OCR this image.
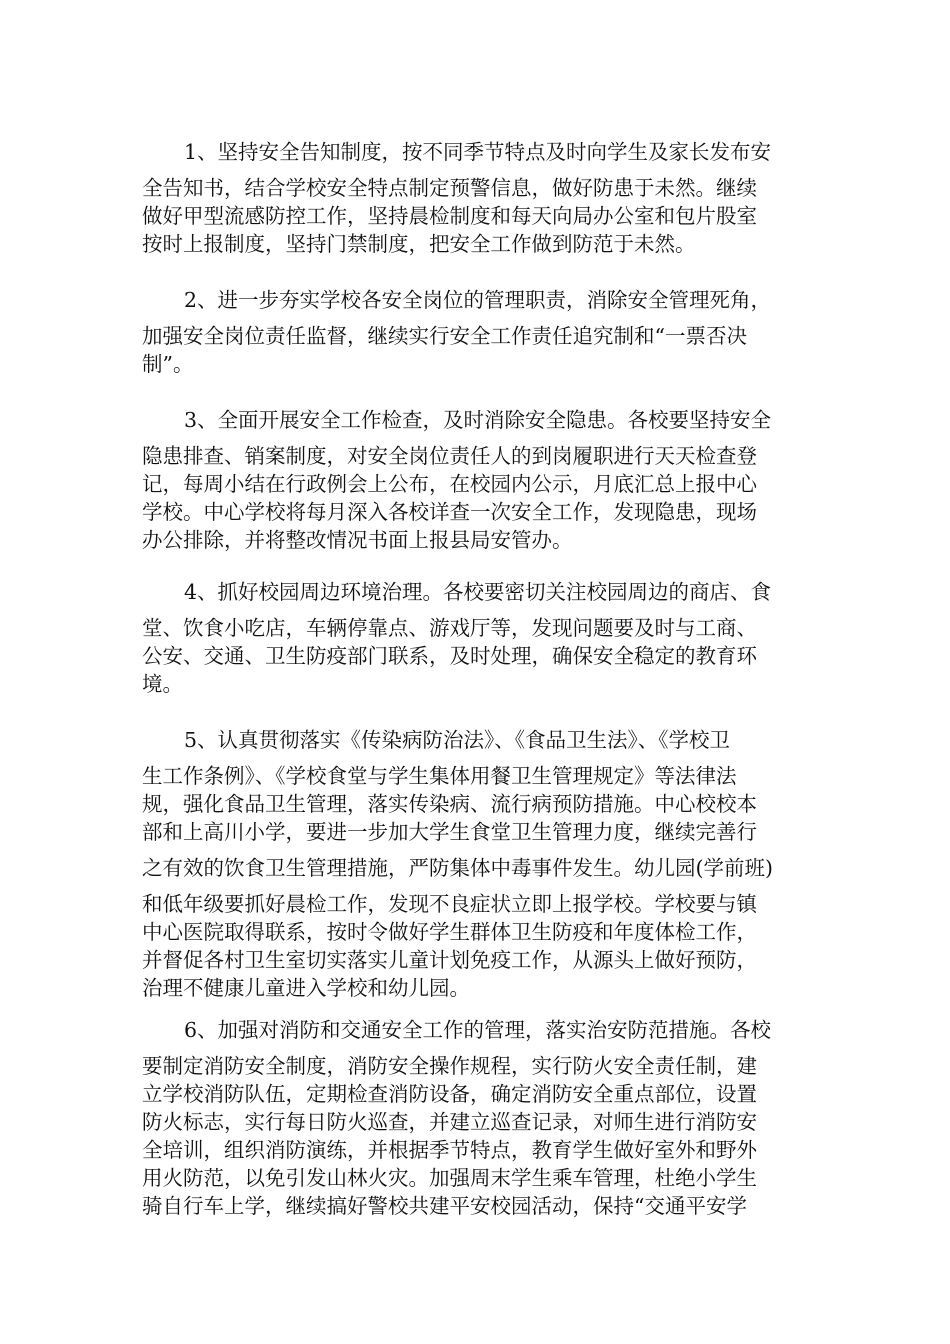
1、坚持安全告知制度，按不同季节特点及时向学生及家长发布安
全告知书，结合学校安全特点制定预警信息，做好防患于未然。继续
做好甲型流感防控工作，坚持晨检制度和每天向局办公室和包片股室
按时上报制度，坚持门禁制度，把安全工作做到防范于未然。

2、进一步夯实学校各安全岗位的管理职责，消除安全管理死角，
加强安全岗位责任监督，继续实行安全工作责任追究制和“一票否决
制”。

3、全面开展安全工作检查，及时消除安全隐患。各校要坚持安全
隐患排查、销案制度，对安全岗位责任人的到岗履职进行天天检查登
记，每周小结在行政例会上公布，在校园内公示，月底汇总上报中心
学校。中心学校将每月深入各校详查一次安全工作，发现隐患，现场
办公排除，并将整改情况书面上报县局安管办。

4、抓好校园周边环境治理。各校要密切关注校园周边的商店、食
堂、饮食小吃店，车辆停靠点、游戏厅等，发现问题要及时与工商、
公安、交通、卫生防疫部门联系，及时处理，确保安全稳定的教育环
境。

5、认真贯彻落实《传染病防治法》、《食品卫生法》、《学校卫
生工作条例》、《学校食堂与学生集体用餐卫生管理规定》等法律法
规，强化食品卫生管理，落实传染病、流行病预防措施。中心校校本
部和上高川小学，要进一步加大学生食堂卫生管理力度，继续完善行
之有效的饮食卫生管理措施，严防集体中毒事件发生。幼儿园(学前班)
和低年级要抓好晨检工作，发现不良症状立即上报学校。学校要与镇
中心医院取得联系，按时令做好学生群体卫生防疫和年度体检工作，
并督促各村卫生室切实落实儿童计划免疫工作，从源头上做好预防，
治理不健康儿童进入学校和幼儿园。

6、加强对消防和交通安全工作的管理，落实治安防范措施。各校
要制定消防安全制度，消防安全操作规程，实行防火安全责任制，建
立学校消防队伍，定期检查消防设备，确定消防安全重点部位，设置
防火标志，实行每日防火巡查，并建立巡查记录，对师生进行消防安
全培训，组织消防演练，并根据季节特点，教育学生做好室外和野外
用火防范，以免引发山林火灾。加强周末学生乘车管理，杜绝小学生
骑自行车上学，继续搞好警校共建平安校园活动，保持“交通平安学
